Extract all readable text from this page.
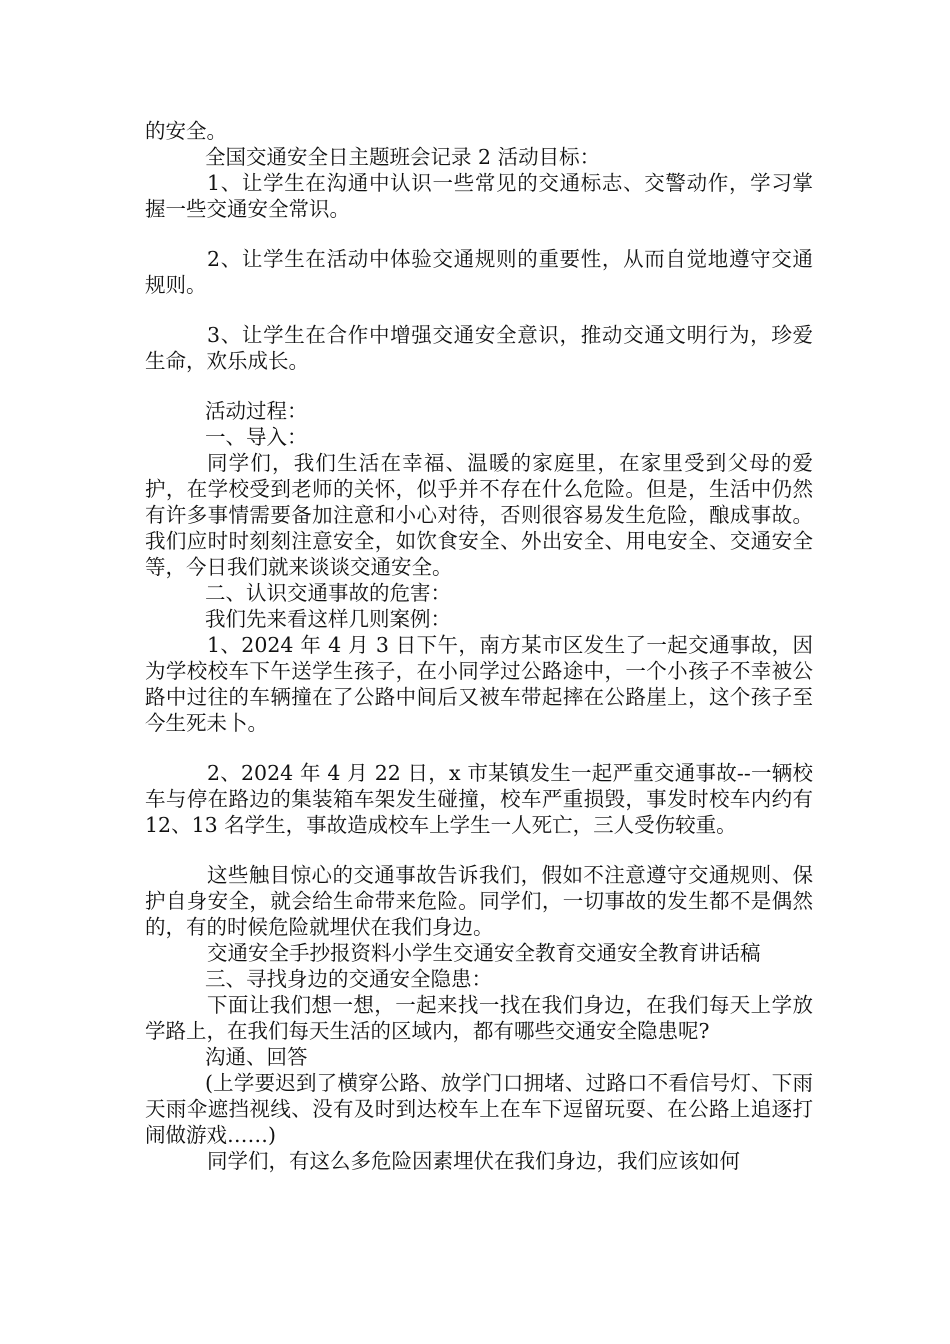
的安全。

全国交通安全日主题班会记录 2 活动目标：

1、让学生在沟通中认识一些常见的交通标志、交警动作，学习掌握一些交通安全常识。

2、让学生在活动中体验交通规则的重要性，从而自觉地遵守交通规则。

3、让学生在合作中增强交通安全意识，推动交通文明行为，珍爱生命，欢乐成长。

活动过程：

一、导入：

同学们，我们生活在幸福、温暖的家庭里，在家里受到父母的爱护，在学校受到老师的关怀，似乎并不存在什么危险。但是，生活中仍然有许多事情需要备加注意和小心对待，否则很容易发生危险，酿成事故。我们应时时刻刻注意安全，如饮食安全、外出安全、用电安全、交通安全等，今日我们就来谈谈交通安全。

二、认识交通事故的危害：

我们先来看这样几则案例：

1、2024 年 4 月 3 日下午，南方某市区发生了一起交通事故，因为学校校车下午送学生孩子，在小同学过公路途中，一个小孩子不幸被公路中过往的车辆撞在了公路中间后又被车带起摔在公路崖上，这个孩子至今生死未卜。

2、2024 年 4 月 22 日，x 市某镇发生一起严重交通事故--一辆校车与停在路边的集装箱车架发生碰撞，校车严重损毁，事发时校车内约有 12、13 名学生，事故造成校车上学生一人死亡，三人受伤较重。

这些触目惊心的交通事故告诉我们，假如不注意遵守交通规则、保护自身安全，就会给生命带来危险。同学们，一切事故的发生都不是偶然的，有的时候危险就埋伏在我们身边。

交通安全手抄报资料小学生交通安全教育交通安全教育讲话稿

三、寻找身边的交通安全隐患：

下面让我们想一想，一起来找一找在我们身边，在我们每天上学放学路上，在我们每天生活的区域内，都有哪些交通安全隐患呢?

沟通、回答

(上学要迟到了横穿公路、放学门口拥堵、过路口不看信号灯、下雨天雨伞遮挡视线、没有及时到达校车上在车下逗留玩耍、在公路上追逐打闹做游戏……)

同学们，有这么多危险因素埋伏在我们身边，我们应该如何
